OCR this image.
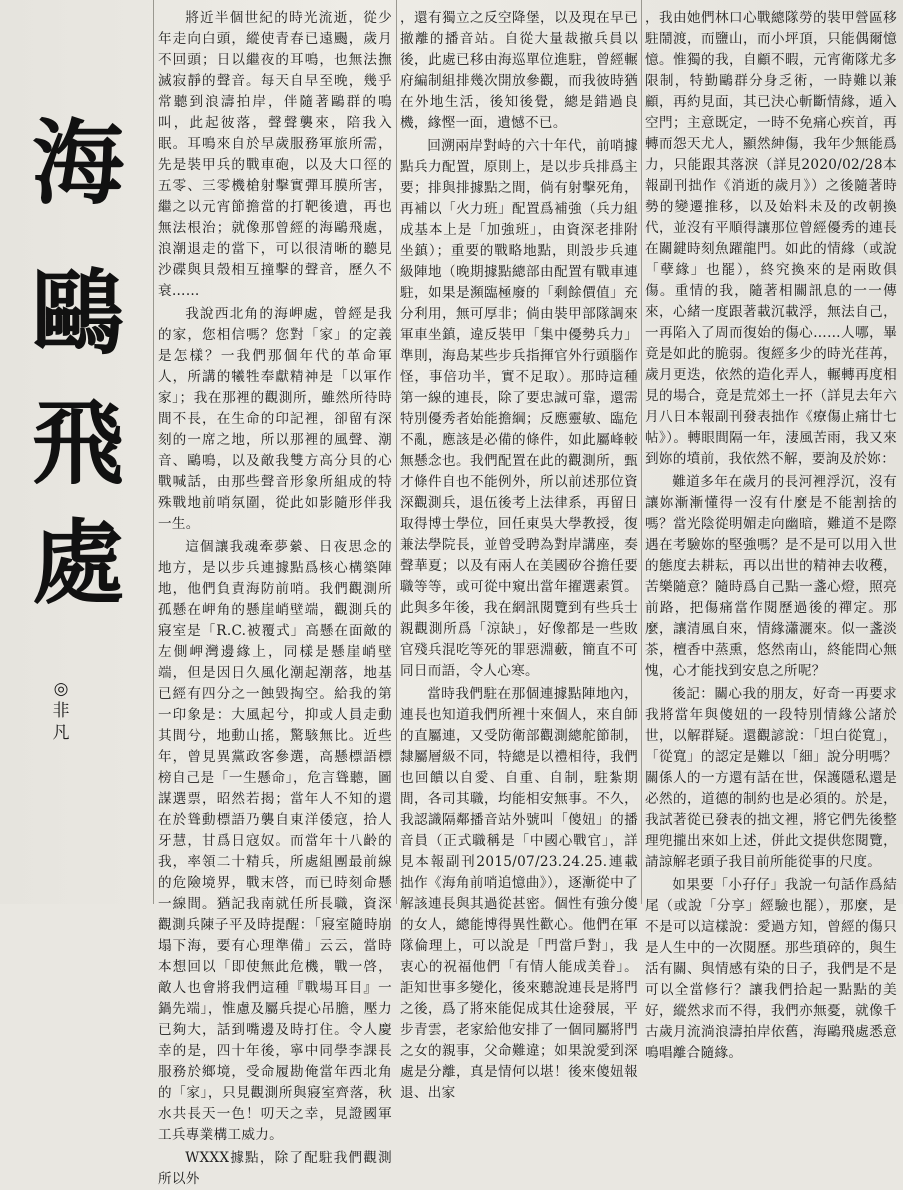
海
鷗
飛
處
◎
非
凡

將近半個世紀的時光流逝，從少年走向白頭，縱使青春已遠颺，歲月不回頭；日以繼夜的耳鳴，也無法撫滅寂靜的聲音。每天自早至晚，幾乎常聽到浪濤拍岸，伴隨著鷗群的鳴叫，此起彼落，聲聲襲來，陪我入眠。耳鳴來自於早歲服務軍旅所需，先是裝甲兵的戰車砲，以及大口徑的五零、三零機槍射擊實彈耳膜所害，繼之以元宵節擔當的打靶後遺，再也無法根治；就像那曾經的海鷗飛處，浪潮退走的當下，可以很清晰的聽見沙碟與貝殼相互撞擊的聲音，歷久不衰……

我說西北角的海岬處，曾經是我的家，您相信嗎？您對「家」的定義是怎樣？一我們那個年代的革命軍人，所講的犧牲奉獻精神是「以軍作家」；我在那裡的觀測所，雖然所待時間不長，在生命的印記裡，卻留有深刻的一席之地，所以那裡的風聲、潮音、鷗鳴，以及敵我雙方高分貝的心戰喊話，由那些聲音形象所組成的特殊戰地前哨氛圍，從此如影隨形伴我一生。

這個讓我魂牽夢縈、日夜思念的地方，是以步兵連據點爲核心構築陣地，他們負責海防前哨。我們觀測所孤懸在岬角的懸崖峭壁端，觀測兵的寢室是「R.C.被覆式」高懸在面敵的左側岬灣邊緣上，同樣是懸崖峭壁端，但是因日久風化潮起潮落，地基已經有四分之一蝕毀掏空。給我的第一印象是：大風起兮，抑或人員走動其間兮，地動山搖，驚駭無比。近些年，曾見異黨政客參選，高懸標語標榜自己是「一生懸命」，危言聳聽，圖謀選票，昭然若揭；當年人不知的還在於聳動標語乃襲自東洋倭寇，拾人牙慧，甘爲日寇奴。而當年十八齡的我，率領二十精兵，所處組團最前線的危險境界，戰末啓，而已時刻命懸一線間。猶記我南就任所長職，資深觀測兵陳子平及時提醒：「寢室隨時崩塌下海，要有心理準備」云云，當時本想回以「即使無此危機，戰一啓，敵人也會將我們這種『戰場耳目』一鍋先端」，惟慮及屬兵提心吊膽，壓力已夠大，話到嘴邊及時打住。令人慶幸的是，四十年後，寧中同學李課長服務於鄉境，受命履勘俺當年西北角的「家」，只見觀測所與寢室齊落，秋水共長天一色！叨天之幸，見證國軍工兵專業構工威力。

WXXX據點，除了配駐我們觀測所以外

，還有獨立之反空降堡，以及現在早已撤離的播音站。自從大量裁撤兵員以後，此處已移由海巡單位進駐，曾經輾府編制組排幾次開放參觀，而我彼時猶在外地生活，後知後覺，總是錯過良機，緣慳一面，遺憾不已。

回溯兩岸對峙的六十年代，前哨據點兵力配置，原則上，是以步兵排爲主要；排與排據點之間，倘有射擊死角，再補以「火力班」配置爲補強（兵力組成基本上是「加強班」，由資深老排附坐鎮）；重要的戰略地點，則設步兵連級陣地（晚期據點總部由配置有戰車連駐，如果是瀕臨極廢的「剩餘價值」充分利用，無可厚非；倘由裝甲部隊調來軍車坐鎮，違反裝甲「集中優勢兵力」準則，海島某些步兵指揮官外行頭腦作怪，事倍功半，實不足取）。那時這種第一線的連長，除了要忠誠可靠，還需特別優秀者始能擔綱；反應靈敏、臨危不亂，應該是必備的條件，如此屬峰較無懸念也。我們配置在此的觀測所，甄才條件自也不能例外，所以前述那位資深觀測兵，退伍後考上法律系，再留日取得博士學位，回任東吳大學教授，復兼法學院長，並曾受聘為對岸講座，奏聲華夏；以及有兩人在美國矽谷擔任要職等等，或可從中窺出當年擢選素質。此與多年後，我在網訊閱覽到有些兵士親觀測所爲「涼缺」，好像都是一些敗官殘兵混吃等死的罪惡淵藪，簡直不可同日而語，令人心寒。

當時我們駐在那個連據點陣地內，連長也知道我們所裡十來個人，來自師的直屬連，又受防衛部觀測總舵節制，隸屬層級不同，特總是以禮相待，我們也回饋以自愛、自重、自制，駐紮期間，各司其職，均能相安無事。不久，我認識隔鄰播音站外號叫「傻妞」的播音員（正式職稱是「中國心戰官」，詳見本報副刊2015/07/23.24.25.連載拙作《海角前哨追憶曲》），逐漸從中了解該連長與其過從甚密。個性有強分傻的女人，總能博得異性歡心。他們在軍隊倫理上，可以說是「門當戶對」，我衷心的祝福他們「有情人能成美眷」。詎知世事多變化，後來聽說連長是將門之後，爲了將來能促成其仕途發展，平步青雲，老家給他安排了一個同屬將門之女的親事，父命難違；如果說愛到深處是分離，真是情何以堪！後來傻妞報退、出家

，我由她們林口心戰總隊勞的裝甲營區移駐鬧渡，而鹽山，而小坪頂，只能偶爾憶憶。惟獨的我，自顧不暇，元宵衛隊尤多限制，特勤鷗群分身乏術，一時難以兼顧，再約見面，其已決心斬斷情緣，遁入空門；主意既定，一時不免痛心疾首，再轉而怨天尤人，顯然紳傷，我年少無能爲力，只能跟其落淚（詳見2020/02/28本報副刊拙作《消逝的歲月》）之後隨著時勢的變遷推移，以及始料未及的改朝換代，並沒有平順得讓那位曾經優秀的連長在關鍵時刻魚躍龍門。如此的情緣（或說「孽緣」也罷），終究換來的是兩敗俱傷。重情的我，隨著相關訊息的一一傳來，心緒一度跟著載沉載浮，無法自己，一再陷入了周而復始的傷心……人哪，畢竟是如此的脆弱。復經多少的時光荏苒，歲月更迭，依然的造化弄人，輾轉再度相見的場合，竟是荒郊土一抔（詳見去年六月八日本報副刊發表拙作《療傷止痛廿七帖》）。轉眼間隔一年，淒風苦雨，我又來到妳的墳前，我依然不解，要詢及於妳：

難道多年在歲月的長河裡浮沉，沒有讓妳漸漸懂得一沒有什麼是不能割捨的嗎？當光陰從明媚走向幽暗，難道不是際遇在考驗妳的堅強嗎？是不是可以用入世的態度去耕耘，再以出世的精神去收穫，苦樂隨意？隨時爲自己點一盞心燈，照亮前路，把傷痛當作閱歷過後的禪定。那麼，讓清風自來，情緣瀟灑來。似一盞淡茶，檀香中蒸熏，悠然南山，終能問心無愧，心才能找到安息之所呢？

後記：關心我的朋友，好奇一再要求我將當年與傻妞的一段特別情緣公諸於世，以解群疑。還觀諺說：「坦白從寬」，「從寬」的認定是難以「細」說分明嗎？關係人的一方還有話在世，保護隱私還是必然的，道德的制約也是必須的。於是，我試著從已發表的拙文裡，將它們先後整理兜攏出來如上述，併此文提供您閱覽，請諒解老頭子我目前所能從事的尺度。

如果要「小孖仔」我說一句話作爲結尾（或說「分享」經驗也罷），那麼，是不是可以這樣說：愛過方知，曾經的傷只是人生中的一次閱歷。那些瑣碎的，與生活有關、與情感有染的日子，我們是不是可以全當修行？讓我們拾起一點點的美好，縱然求而不得，我們亦無憂，就像千古歲月流淌浪濤拍岸依舊，海鷗飛處悉意鳴唱離合隨緣。
